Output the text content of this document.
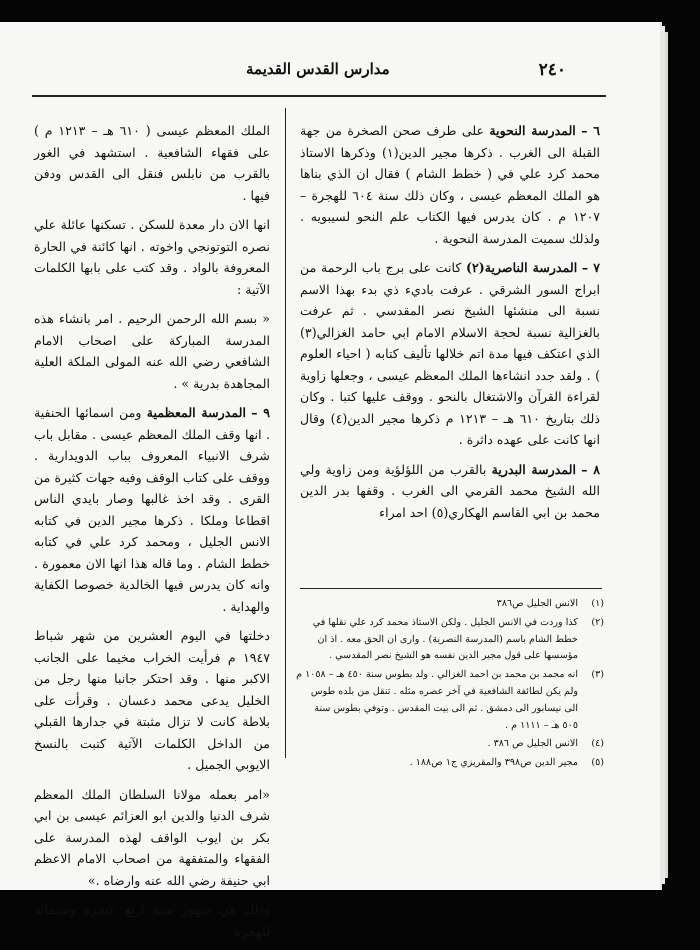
٢٤٠
مدارس القدس القديمة

٦ – المدرسة النحوية على طرف صحن الصخرة من جهة القبلة الى الغرب . ذكرها مجير الدين(١) وذكرها الاستاذ محمد كرد علي في ( خطط الشام ) فقال ان الذي بناها هو الملك المعظم عيسى ، وكان ذلك سنة ٦٠٤ للهجرة – ١٢٠٧ م . كان يدرس فيها الكتاب علم النحو لسيبويه . ولذلك سميت المدرسة النحوية .

٧ – المدرسة الناصرية(٢) كانت على برج باب الرحمة من ابراج السور الشرقي . عرفت باديء ذي بدء بهذا الاسم نسبة الى منشئها الشيخ نصر المقدسي . ثم عرفت بالغزالية نسبة لحجة الاسلام الامام ابي حامد الغزالي(٣) الذي اعتكف فيها مدة اتم خلالها تأليف كتابه ( احياء العلوم ) . ولقد جدد انشاءها الملك المعظم عيسى ، وجعلها زاوية لقراءة القرآن والاشتغال بالنحو . ووقف عليها كتبا . وكان ذلك بتاريخ ٦١٠ هـ – ١٢١٣ م ذكرها مجير الدين(٤) وقال انها كانت على عهده داثرة .

٨ – المدرسة البدرية بالقرب من اللؤلؤية ومن زاوية ولي الله الشيخ محمد القرمي الى الغرب . وقفها بدر الدين محمد بن ابي القاسم الهكاري(٥) احد امراء

الملك المعظم عيسى ( ٦١٠ هـ – ١٢١٣ م ) على فقهاء الشافعية . استشهد في الغور بالقرب من نابلس فنقل الى القدس ودفن فيها .

انها الان دار معدة للسكن . تسكنها عائلة علي نصره التوتونجي واخوته . انها كائنة في الحارة المعروفة بالواد . وقد كتب على بابها الكلمات الآتية :

« بسم الله الرحمن الرحيم . امر بانشاء هذه المدرسة المباركة على اصحاب الامام الشافعي رضي الله عنه المولى الملكة العلية المجاهدة بدرية » .

٩ – المدرسة المعظمية ومن اسمائها الحنفية . انها وقف الملك المعظم عيسى . مقابل باب شرف الانبياء المعروف بباب الدويدارية . ووقف على كتاب الوقف وفيه جهات كثيرة من القرى . وقد اخذ غالبها وصار بايدي الناس اقطاعا وملكا . ذكرها مجير الدين في كتابه الانس الجليل ، ومحمد كرد علي في كتابه خطط الشام . وما قاله هذا انها الان معمورة . وانه كان يدرس فيها الخالدية خصوصا الكفاية والهداية .

دخلتها في اليوم العشرين من شهر شباط ١٩٤٧ م فرأيت الخراب مخيما على الجانب الاكبر منها . وقد احتكر جانبا منها رجل من الخليل يدعى محمد دعسان . وقرأت على بلاطة كانت لا تزال مثبتة في جدارها القبلي من الداخل الكلمات الآتية كتبت بالنسخ الايوبي الجميل .

«امر بعمله مولانا السلطان الملك المعظم شرف الدنيا والدين ابو العزائم عيسى بن ابي بكر بن ايوب الواقف لهذه المدرسة على الفقهاء والمتفقهة من اصحاب الامام الاعظم ابي حنيفة رضي الله عنه وارضاه .»

وذلك في شهور سنة اربع عشرة وستمائة للهجرة

(١)
الانس الجليل ص٣٨٦
(٢)
كذا وردت في الانس الجليل . ولكن الاستاذ محمد كرد علي نقلها في خطط الشام باسم (المدرسة النصرية) . وارى ان الحق معه . اذ ان مؤسسها على قول مجير الدين نفسه هو الشيخ نصر المقدسي .
(٣)
انه محمد بن محمد بن احمد الغزالي . ولد بطوس سنة ٤٥٠ هـ – ١٠٥٨ م ولم يكن لطائفة الشافعية في آخر عصره مثله . تنقل من بلده طوس الى نيسابور الى دمشق . ثم الى بيت المقدس . وتوفي بطوس سنة ٥٠٥ هـ – ١١١١ م .
(٤)
الانس الجليل ص ٣٨٦ .
(٥)
مجير الدين ص٣٩٨ والمقريزي ج١ ص١٨٨ .
